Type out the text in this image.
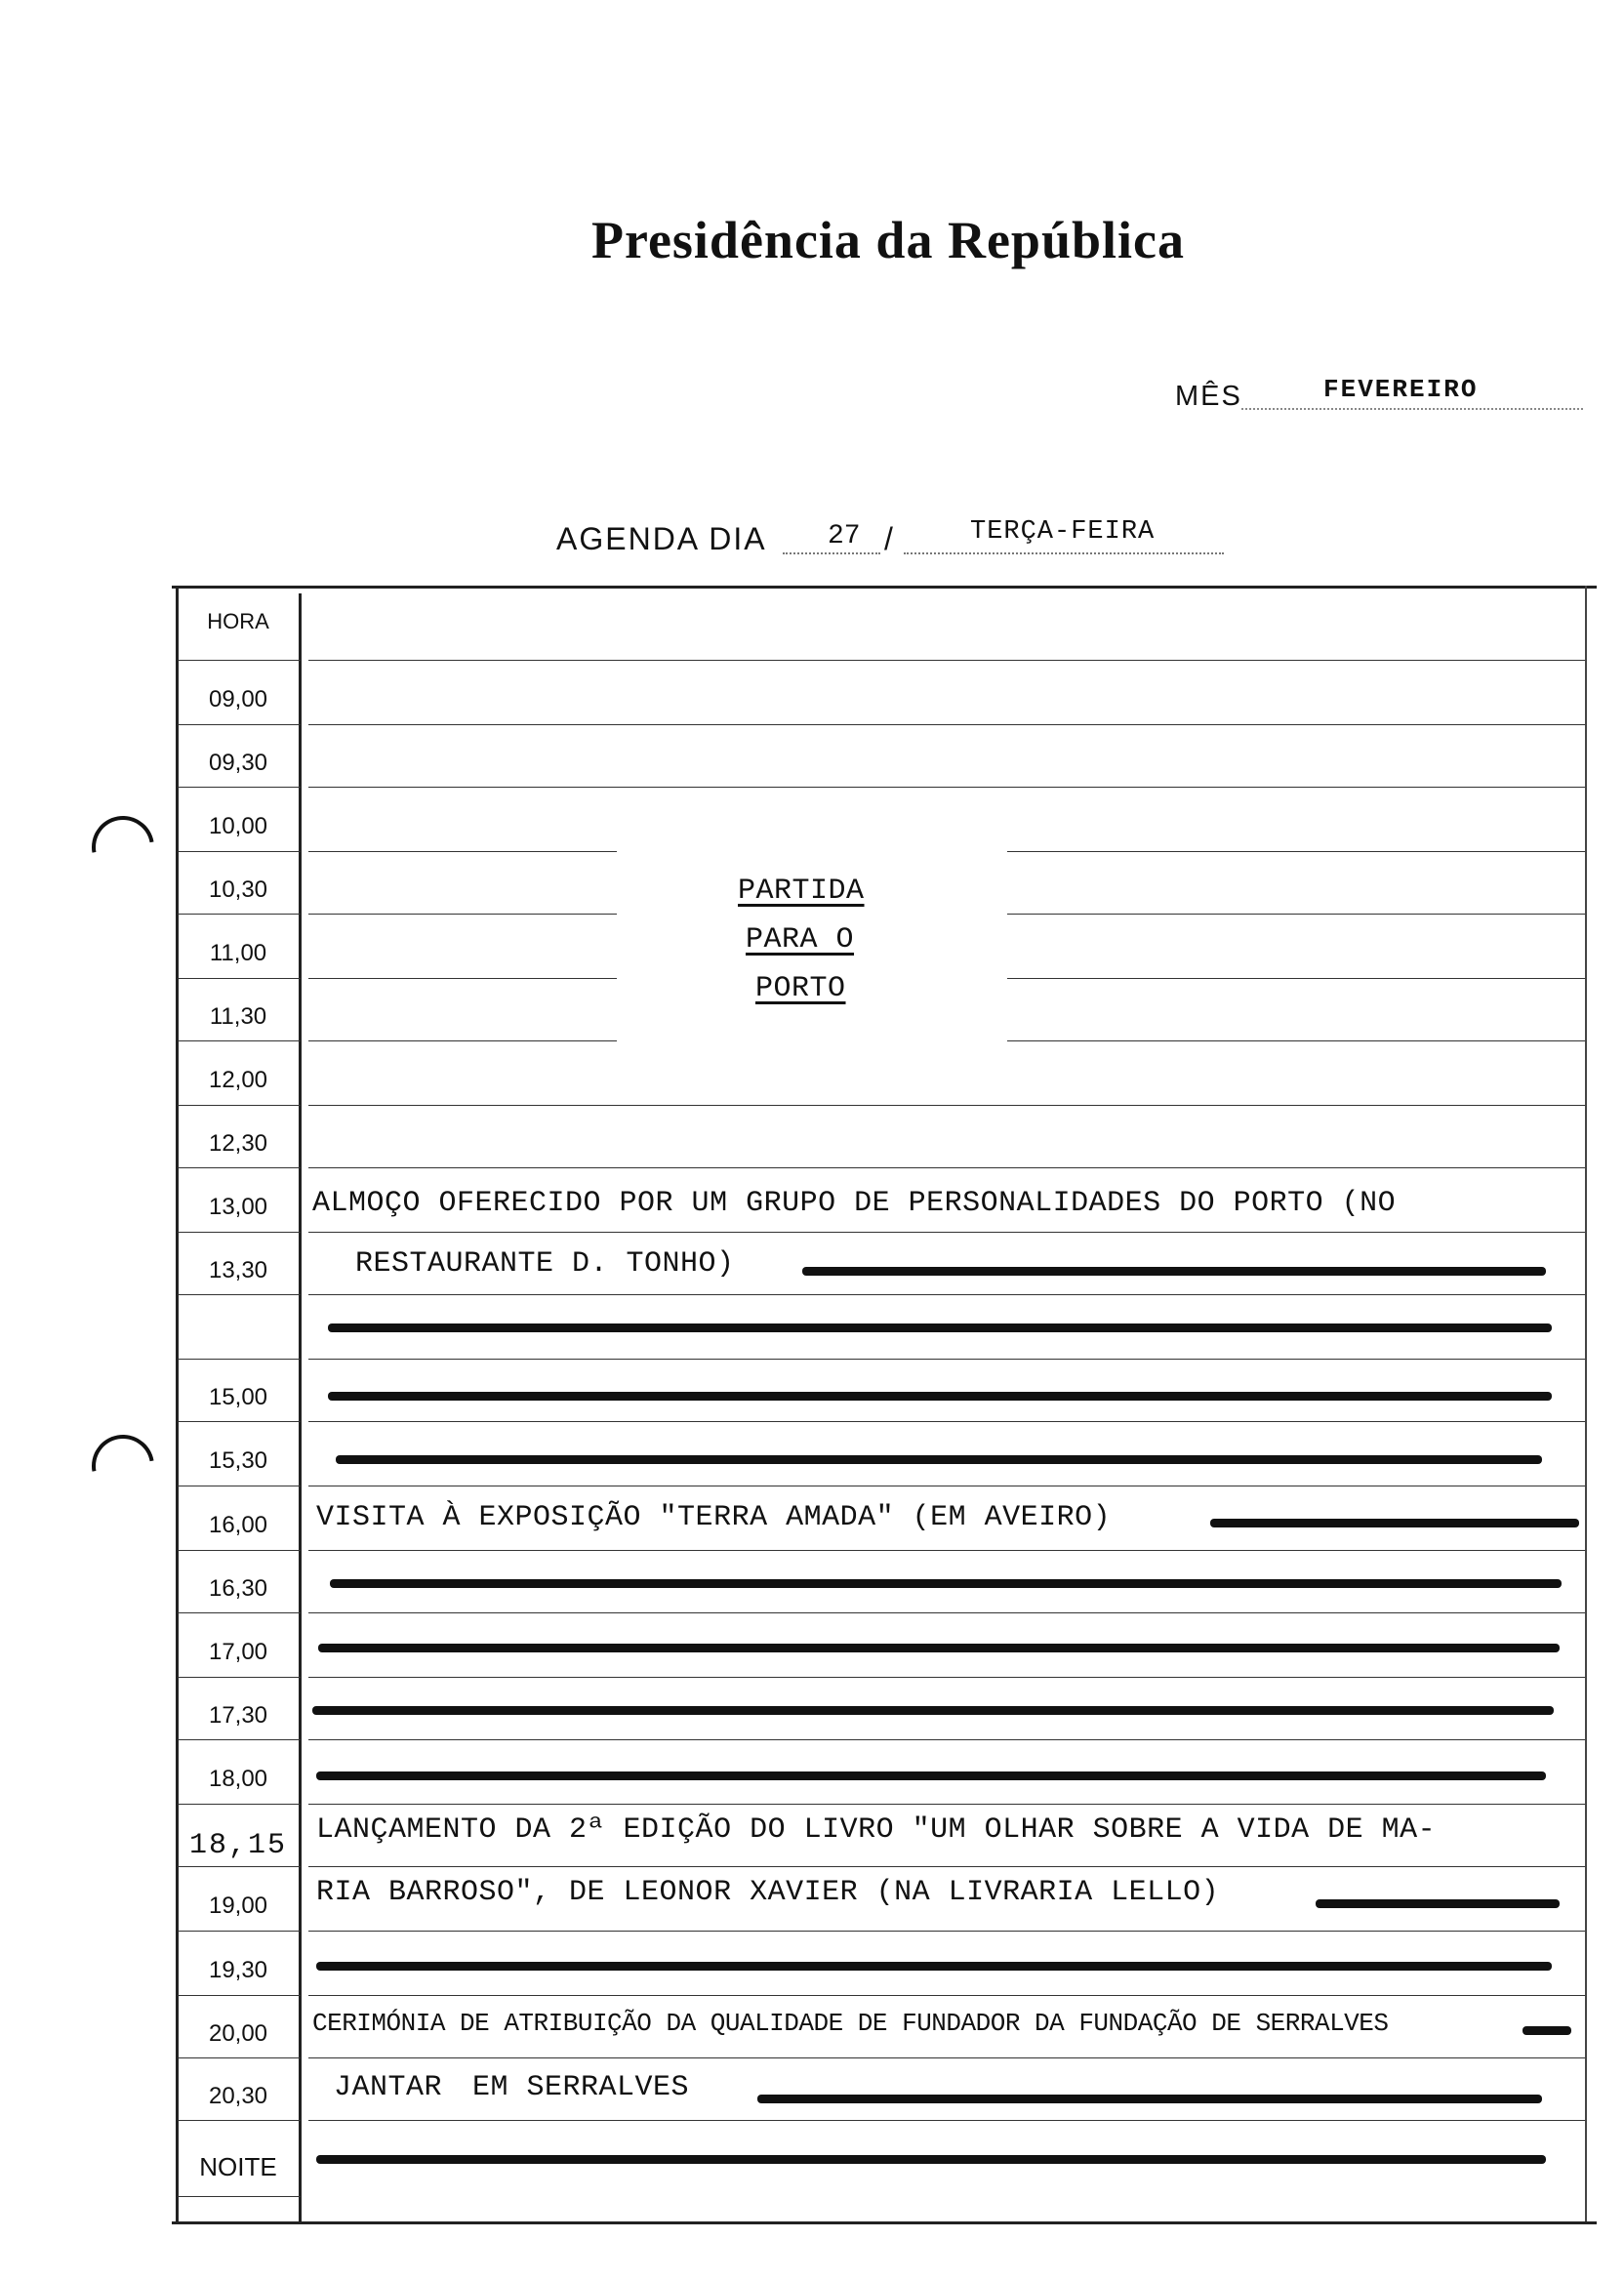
Presidência da República
MÊS	FEVEREIRO
AGENDA DIA 27 /	TERÇA-FEIRA
HORA
09,00
09,30
10,00
10,30
11,00
11,30
12,00
12,30
13,00
13,30
15,00
15,30
16,00
16,30
17,00
17,30
18,00
18,15
19,00
19,30
20,00
20,30
NOITE
PARTIDA
PARA O
PORTO
ALMOÇO OFERECIDO POR UM GRUPO DE PERSONALIDADES DO PORTO (NO
RESTAURANTE D. TONHO)
VISITA À EXPOSIÇÃO "TERRA AMADA" (EM AVEIRO)
LANÇAMENTO DA 2ª EDIÇÃO DO LIVRO "UM OLHAR SOBRE A VIDA DE MA-
RIA BARROSO", DE LEONOR XAVIER (NA LIVRARIA LELLO)
CERIMÓNIA DE ATRIBUIÇÃO DA QUALIDADE DE FUNDADOR DA FUNDAÇÃO DE SERRALVES
JANTAR EM SERRALVES
